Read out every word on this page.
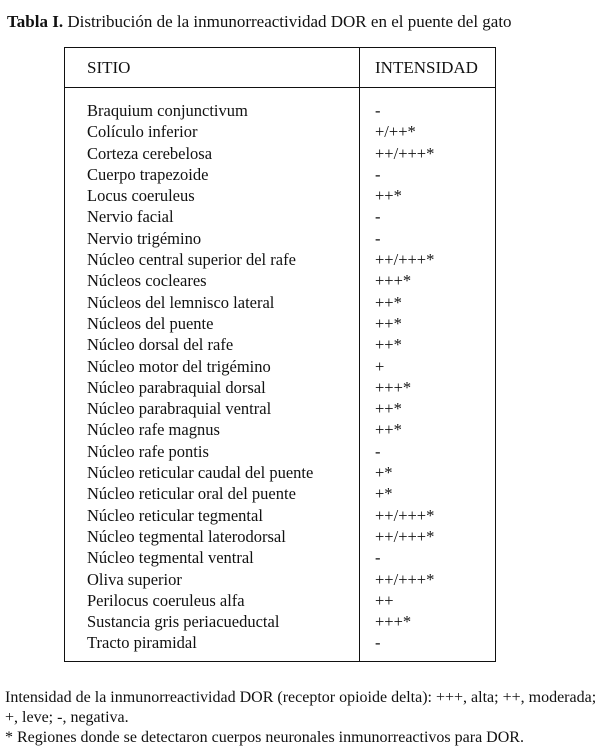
Tabla I. Distribución de la inmunorreactividad DOR en el puente del gato
SITIO	INTENSIDAD
Braquium conjunctivum	-
Colículo inferior	+/++*
Corteza cerebelosa	++/+++*
Cuerpo trapezoide	-
Locus coeruleus	++*
Nervio facial	-
Nervio trigémino	-
Núcleo central superior del rafe	++/+++*
Núcleos cocleares	+++*
Núcleos del lemnisco lateral	++*
Núcleos del puente	++*
Núcleo dorsal del rafe	++*
Núcleo motor del trigémino	+
Núcleo parabraquial dorsal	+++*
Núcleo parabraquial ventral	++*
Núcleo rafe magnus	++*
Núcleo rafe pontis	-
Núcleo reticular caudal del puente	+*
Núcleo reticular oral del puente	+*
Núcleo reticular tegmental	++/+++*
Núcleo tegmental laterodorsal	++/+++*
Núcleo tegmental ventral	-
Oliva superior	++/+++*
Perilocus coeruleus alfa	++
Sustancia gris periacueductal	+++*
Tracto piramidal	-

Intensidad de la inmunorreactividad DOR (receptor opioide delta): +++, alta; ++, moderada; +, leve; -, negativa.

* Regiones donde se detectaron cuerpos neuronales inmunorreactivos para DOR.
